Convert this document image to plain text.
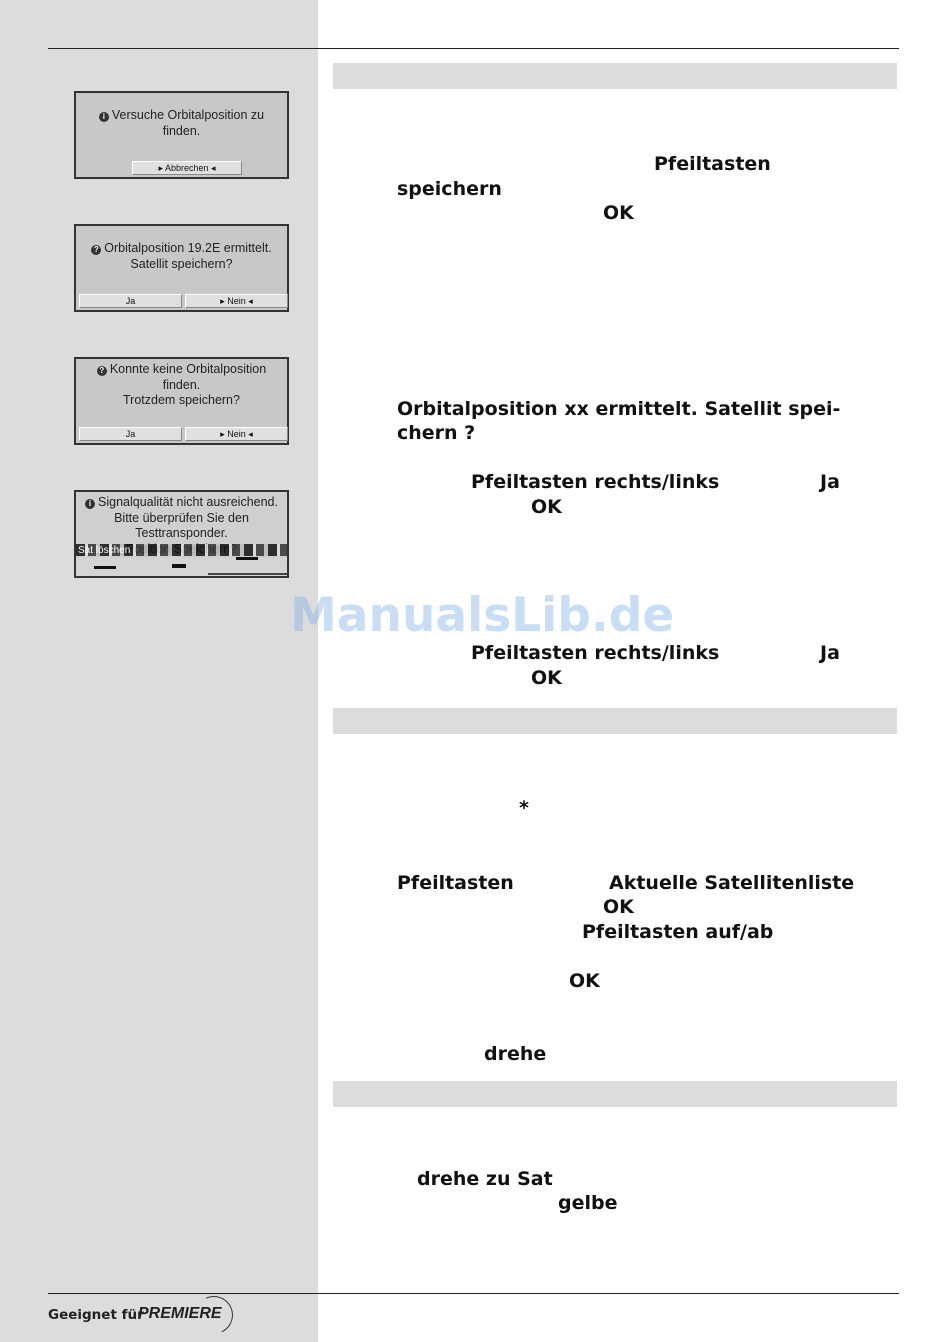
i Versuche Orbitalposition zu
finden.
▸ Abbrechen ◂
? Orbitalposition 19.2E ermittelt.
Satellit speichern?
Ja	▸ Nein ◂
? Konnte keine Orbitalposition
finden.
Trotzdem speichern?
Ja	▸ Nein ◂
i Signalqualität nicht ausreichend.
Bitte überprüfen Sie den
Testtransponder.

Sat löschen
Pfeiltasten
speichern
OK
Orbitalposition xx ermittelt. Satellit spei-
chern ?
Pfeiltasten rechts/links	Ja
OK
Pfeiltasten rechts/links	Ja
OK
*
Pfeiltasten	Aktuelle Satellitenliste
OK
Pfeiltasten auf/ab
OK
drehe
drehe zu Sat
gelbe
ManualsLib.de
Geeignet für
PREMIERE
